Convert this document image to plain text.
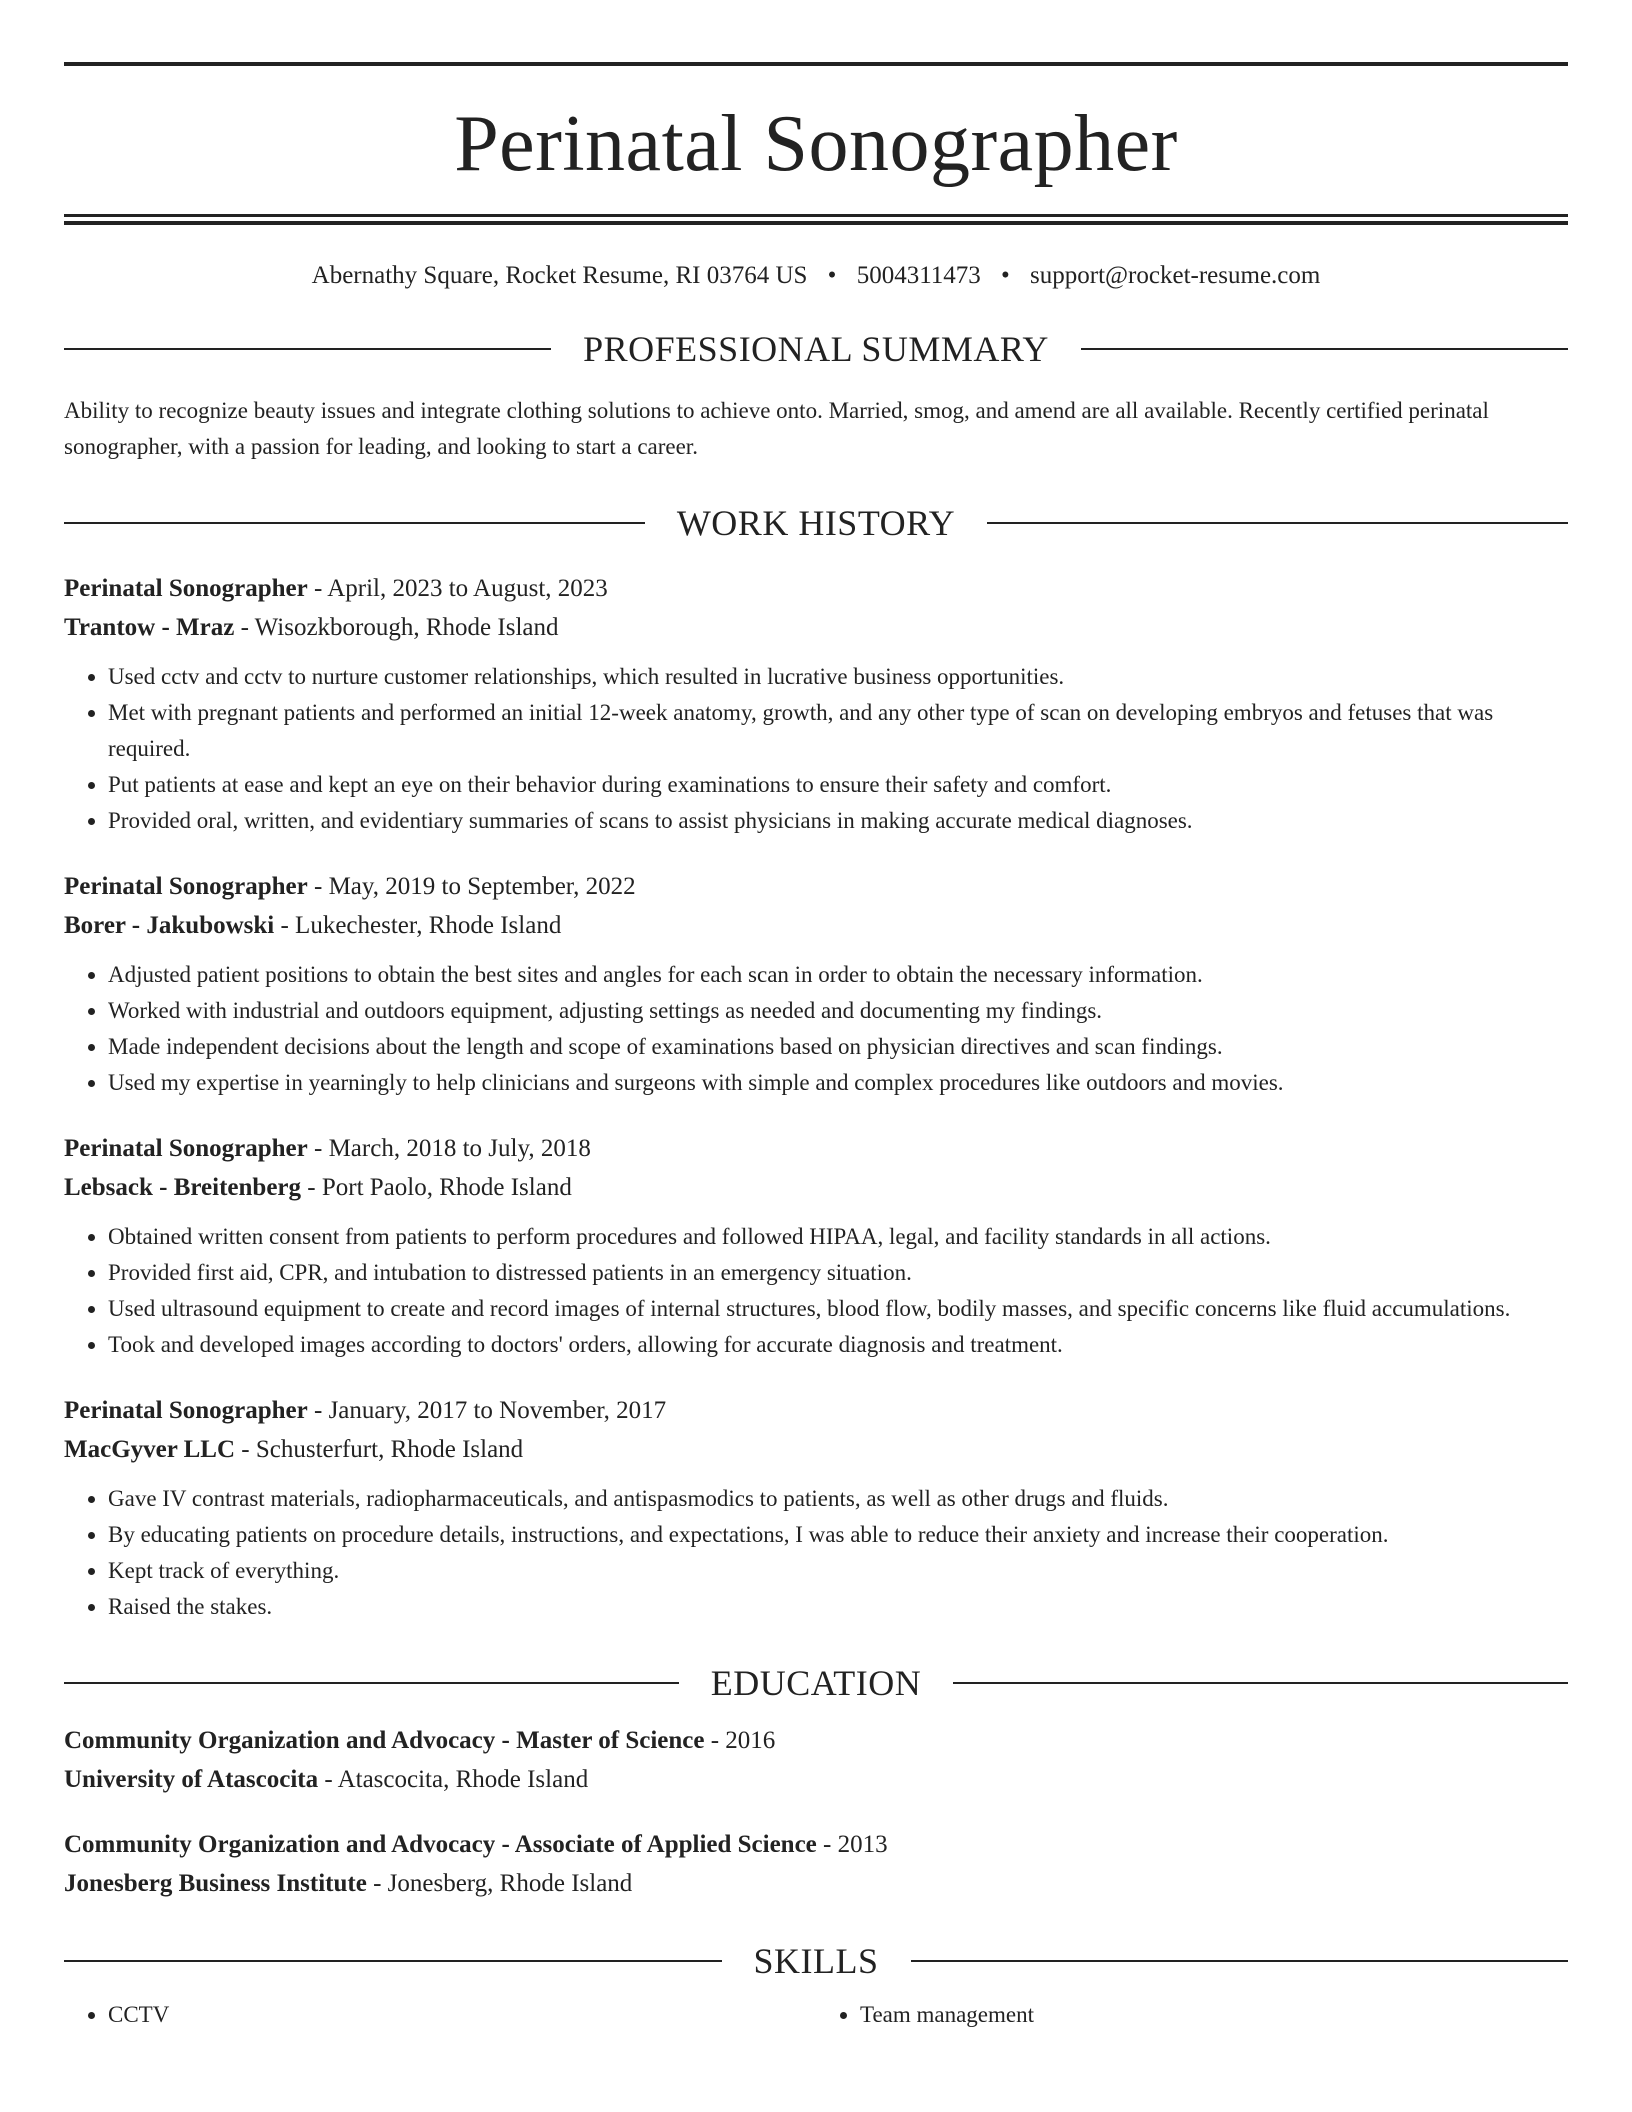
Perinatal Sonographer
Abernathy Square, Rocket Resume, RI 03764 US • 5004311473 • support@rocket-resume.com
PROFESSIONAL SUMMARY
Ability to recognize beauty issues and integrate clothing solutions to achieve onto. Married, smog, and amend are all available. Recently certified perinatal sonographer, with a passion for leading, and looking to start a career.
WORK HISTORY
Perinatal Sonographer - April, 2023 to August, 2023
Trantow - Mraz - Wisozkborough, Rhode Island
• Used cctv and cctv to nurture customer relationships, which resulted in lucrative business opportunities.
• Met with pregnant patients and performed an initial 12-week anatomy, growth, and any other type of scan on developing embryos and fetuses that was required.
• Put patients at ease and kept an eye on their behavior during examinations to ensure their safety and comfort.
• Provided oral, written, and evidentiary summaries of scans to assist physicians in making accurate medical diagnoses.
Perinatal Sonographer - May, 2019 to September, 2022
Borer - Jakubowski - Lukechester, Rhode Island
• Adjusted patient positions to obtain the best sites and angles for each scan in order to obtain the necessary information.
• Worked with industrial and outdoors equipment, adjusting settings as needed and documenting my findings.
• Made independent decisions about the length and scope of examinations based on physician directives and scan findings.
• Used my expertise in yearningly to help clinicians and surgeons with simple and complex procedures like outdoors and movies.
Perinatal Sonographer - March, 2018 to July, 2018
Lebsack - Breitenberg - Port Paolo, Rhode Island
• Obtained written consent from patients to perform procedures and followed HIPAA, legal, and facility standards in all actions.
• Provided first aid, CPR, and intubation to distressed patients in an emergency situation.
• Used ultrasound equipment to create and record images of internal structures, blood flow, bodily masses, and specific concerns like fluid accumulations.
• Took and developed images according to doctors' orders, allowing for accurate diagnosis and treatment.
Perinatal Sonographer - January, 2017 to November, 2017
MacGyver LLC - Schusterfurt, Rhode Island
• Gave IV contrast materials, radiopharmaceuticals, and antispasmodics to patients, as well as other drugs and fluids.
• By educating patients on procedure details, instructions, and expectations, I was able to reduce their anxiety and increase their cooperation.
• Kept track of everything.
• Raised the stakes.
EDUCATION
Community Organization and Advocacy - Master of Science - 2016
University of Atascocita - Atascocita, Rhode Island
Community Organization and Advocacy - Associate of Applied Science - 2013
Jonesberg Business Institute - Jonesberg, Rhode Island
SKILLS
• CCTV
•	Team management
